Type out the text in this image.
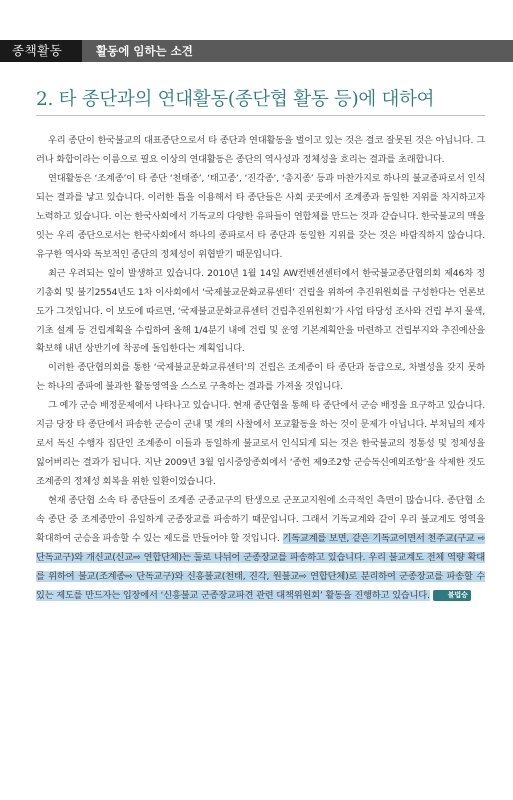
종책활동	활동에 임하는 소견
2. 타 종단과의 연대활동(종단협 활동 등)에 대하여

우리 종단이 한국불교의 대표종단으로서 타 종단과 연대활동을 벌이고 있는 것은 결코 잘못된 것은 아닙니다. 그러나 화합이라는 이름으로 필요 이상의 연대활동은 종단의 역사성과 정체성을 흐리는 결과를 초래합니다.

연대활동은 ‘조계종’이 타 종단 ‘천태종’, ‘태고종’, ‘진각종’, ‘총지종’ 등과 마찬가지로 하나의 불교종파로서 인식되는 결과를 낳고 있습니다. 이러한 틈을 이용해서 타 종단들은 사회 곳곳에서 조계종과 동일한 지위를 차지하고자 노력하고 있습니다. 이는 한국사회에서 기독교의 다양한 유파들이 연합체를 만드는 것과 같습니다. 한국불교의 맥을 잇는 우리 종단으로서는 한국사회에서 하나의 종파로서 타 종단과 동일한 지위를 갖는 것은 바람직하지 않습니다. 유구한 역사와 독보적인 종단의 정체성이 위협받기 때문입니다.

최근 우려되는 일이 발생하고 있습니다. 2010년 1월 14일 AW컨벤션센터에서 한국불교종단협의회 제46차 정기총회 및 불기2554년도 1차 이사회에서 ‘국제불교문화교류센터’ 건립을 위하여 추진위원회를 구성한다는 언론보도가 그것입니다. 이 보도에 따르면, ‘국제불교문화교류센터 건립추진위원회’가 사업 타당성 조사와 건립 부지 물색, 기초 설계 등 건립계획을 수립하여 올해 1/4분기 내에 건립 및 운영 기본계획안을 마련하고 건립부지와 추진예산을 확보해 내년 상반기에 착공에 돌입한다는 계획입니다.

이러한 종단협의회를 통한 ‘국제불교문화교류센터’의 건립은 조계종이 타 종단과 동급으로, 차별성을 갖지 못하는 하나의 종파에 불과한 활동영역을 스스로 구축하는 결과를 가져올 것입니다.

그 예가 군승 배정문제에서 나타나고 있습니다. 현재 종단협을 통해 타 종단에서 군승 배정을 요구하고 있습니다. 지금 당장 타 종단에서 파송한 군승이 군내 몇 개의 사찰에서 포교활동을 하는 것이 문제가 아닙니다. 부처님의 제자로서 독신 수행자 집단인 조계종이 이들과 동일하게 불교로서 인식되게 되는 것은 한국불교의 정통성 및 정체성을 잃어버리는 결과가 됩니다. 지난 2009년 3월 임시중앙종회에서 ‘종헌 제9조2항 군승독신예외조항’을 삭제한 것도 조계종의 정체성 회복을 위한 일환이었습니다.

현재 종단협 소속 타 종단들이 조계종 군종교구의 탄생으로 군포교지원에 소극적인 측면이 많습니다. 종단협 소속 종단 중 조계종만이 유일하게 군종장교를 파송하기 때문입니다. 그래서 기독교계와 같이 우리 불교계도 영역을 확대하여 군승을 파송할 수 있는 제도를 만들어야 할 것입니다. 기독교계를 보면, 같은 기독교이면서 천주교(구교 ⇨ 단독교구)와 개신교(신교⇨ 연합단체)는 둘로 나뉘어 군종장교를 파송하고 있습니다. 우리 불교계도 전체 역량 확대를 위하여 불교(조계종⇨ 단독교구)와 신흥불교(천태, 진각, 원불교⇨ 연합단체)로 분리하여 군종장교를 파송할 수 있는 제도를 만드자는 입장에서 ‘신흥불교 군종장교파견 관련 대책위원회’ 활동을 진행하고 있습니다.	불법승
